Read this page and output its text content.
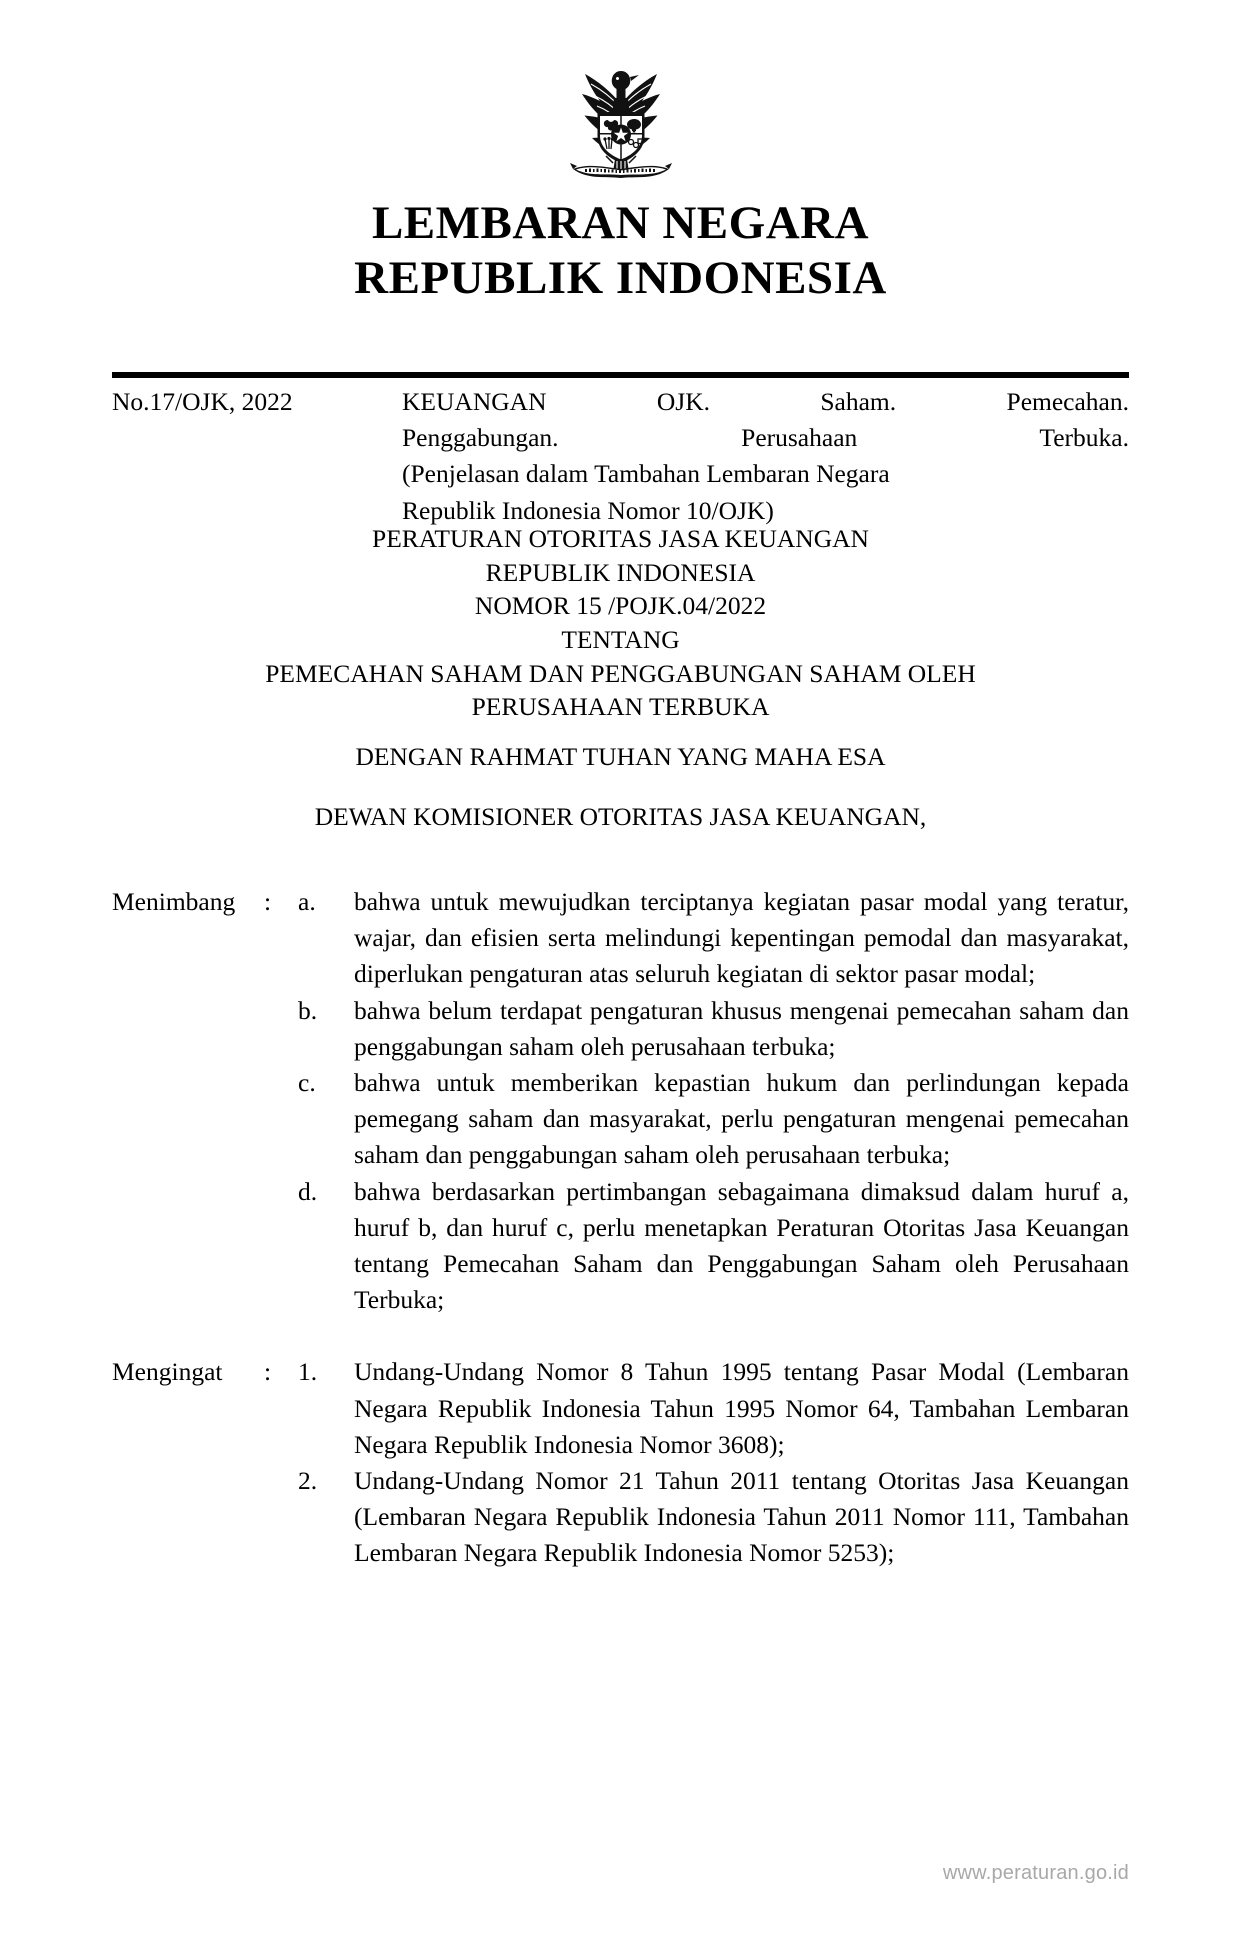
LEMBARAN NEGARA
REPUBLIK INDONESIA
No.17/OJK, 2022	KEUANGAN OJK. Saham. Pemecahan.

Penggabungan. Perusahaan Terbuka.

(Penjelasan dalam Tambahan Lembaran Negara

Republik Indonesia Nomor 10/OJK)

PERATURAN OTORITAS JASA KEUANGAN
REPUBLIK INDONESIA
NOMOR 15 /POJK.04/2022
TENTANG
PEMECAHAN SAHAM DAN PENGGABUNGAN SAHAM OLEH
PERUSAHAAN TERBUKA
DENGAN RAHMAT TUHAN YANG MAHA ESA
DEWAN KOMISIONER OTORITAS JASA KEUANGAN,
Menimbang	:	a.	bahwa untuk mewujudkan terciptanya kegiatan pasar modal yang teratur, wajar, dan efisien serta melindungi kepentingan pemodal dan masyarakat, diperlukan pengaturan atas seluruh kegiatan di sektor pasar modal;
b.	bahwa belum terdapat pengaturan khusus mengenai pemecahan saham dan penggabungan saham oleh perusahaan terbuka;
c.	bahwa untuk memberikan kepastian hukum dan perlindungan kepada pemegang saham dan masyarakat, perlu pengaturan mengenai pemecahan saham dan penggabungan saham oleh perusahaan terbuka;
d.	bahwa berdasarkan pertimbangan sebagaimana dimaksud dalam huruf a, huruf b, dan huruf c, perlu menetapkan Peraturan Otoritas Jasa Keuangan tentang Pemecahan Saham dan Penggabungan Saham oleh Perusahaan Terbuka;
Mengingat	:	1.	Undang-Undang Nomor 8 Tahun 1995 tentang Pasar Modal (Lembaran Negara Republik Indonesia Tahun 1995 Nomor 64, Tambahan Lembaran Negara Republik Indonesia Nomor 3608);
2.	Undang-Undang Nomor 21 Tahun 2011 tentang Otoritas Jasa Keuangan (Lembaran Negara Republik Indonesia Tahun 2011 Nomor 111, Tambahan Lembaran Negara Republik Indonesia Nomor 5253);
www.peraturan.go.id
